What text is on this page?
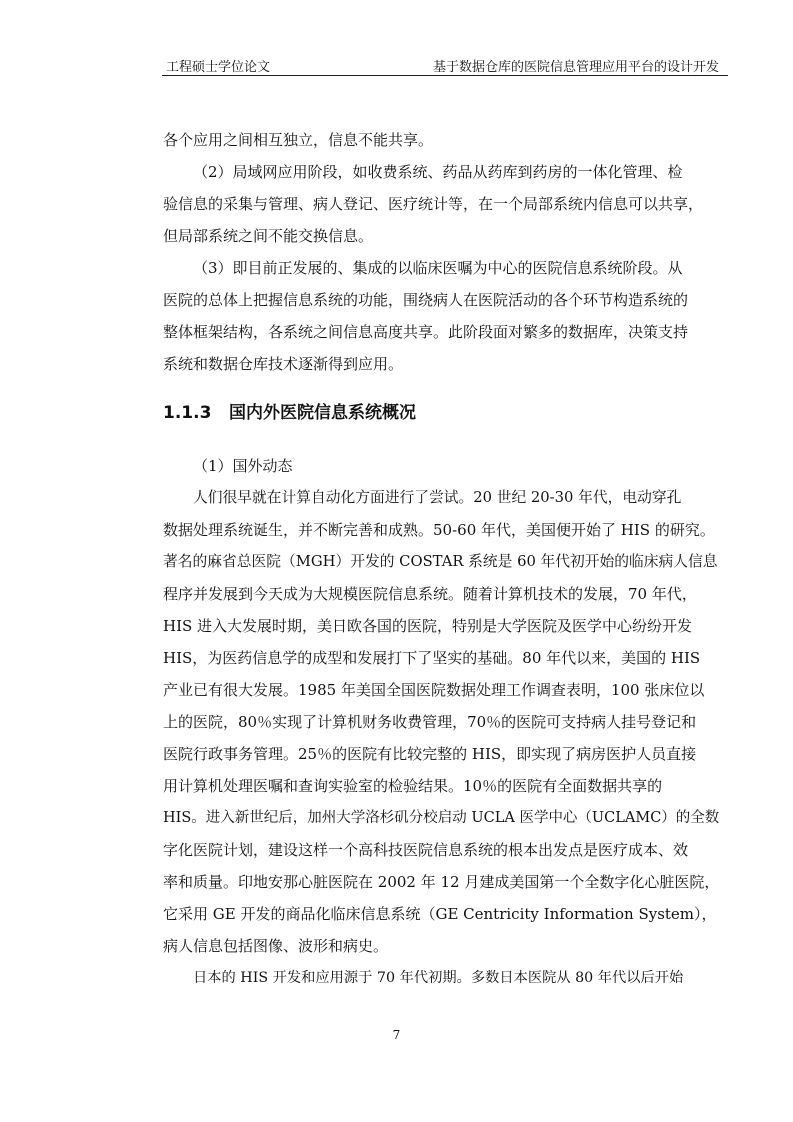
工程硕士学位论文	基于数据仓库的医院信息管理应用平台的设计开发
各个应用之间相互独立，信息不能共享。
（2）局域网应用阶段，如收费系统、药品从药库到药房的一体化管理、检
验信息的采集与管理、病人登记、医疗统计等，在一个局部系统内信息可以共享，
但局部系统之间不能交换信息。
（3）即目前正发展的、集成的以临床医嘱为中心的医院信息系统阶段。从
医院的总体上把握信息系统的功能，围绕病人在医院活动的各个环节构造系统的
整体框架结构，各系统之间信息高度共享。此阶段面对繁多的数据库，决策支持
系统和数据仓库技术逐渐得到应用。
1.1.3 国内外医院信息系统概况
（1）国外动态
人们很早就在计算自动化方面进行了尝试。20 世纪 20-30 年代，电动穿孔
数据处理系统诞生，并不断完善和成熟。50-60 年代，美国便开始了 HIS 的研究。
著名的麻省总医院（MGH）开发的 COSTAR 系统是 60 年代初开始的临床病人信息
程序并发展到今天成为大规模医院信息系统。随着计算机技术的发展，70 年代，
HIS 进入大发展时期，美日欧各国的医院，特别是大学医院及医学中心纷纷开发
HIS，为医药信息学的成型和发展打下了坚实的基础。80 年代以来，美国的 HIS
产业已有很大发展。1985 年美国全国医院数据处理工作调查表明，100 张床位以
上的医院，80％实现了计算机财务收费管理，70％的医院可支持病人挂号登记和
医院行政事务管理。25％的医院有比较完整的 HIS，即实现了病房医护人员直接
用计算机处理医嘱和查询实验室的检验结果。10％的医院有全面数据共享的
HIS。进入新世纪后，加州大学洛杉矶分校启动 UCLA 医学中心（UCLAMC）的全数
字化医院计划，建设这样一个高科技医院信息系统的根本出发点是医疗成本、效
率和质量。印地安那心脏医院在 2002 年 12 月建成美国第一个全数字化心脏医院，
它采用 GE 开发的商品化临床信息系统（GE Centricity Information System），
病人信息包括图像、波形和病史。
日本的 HIS 开发和应用源于 70 年代初期。多数日本医院从 80 年代以后开始
7
